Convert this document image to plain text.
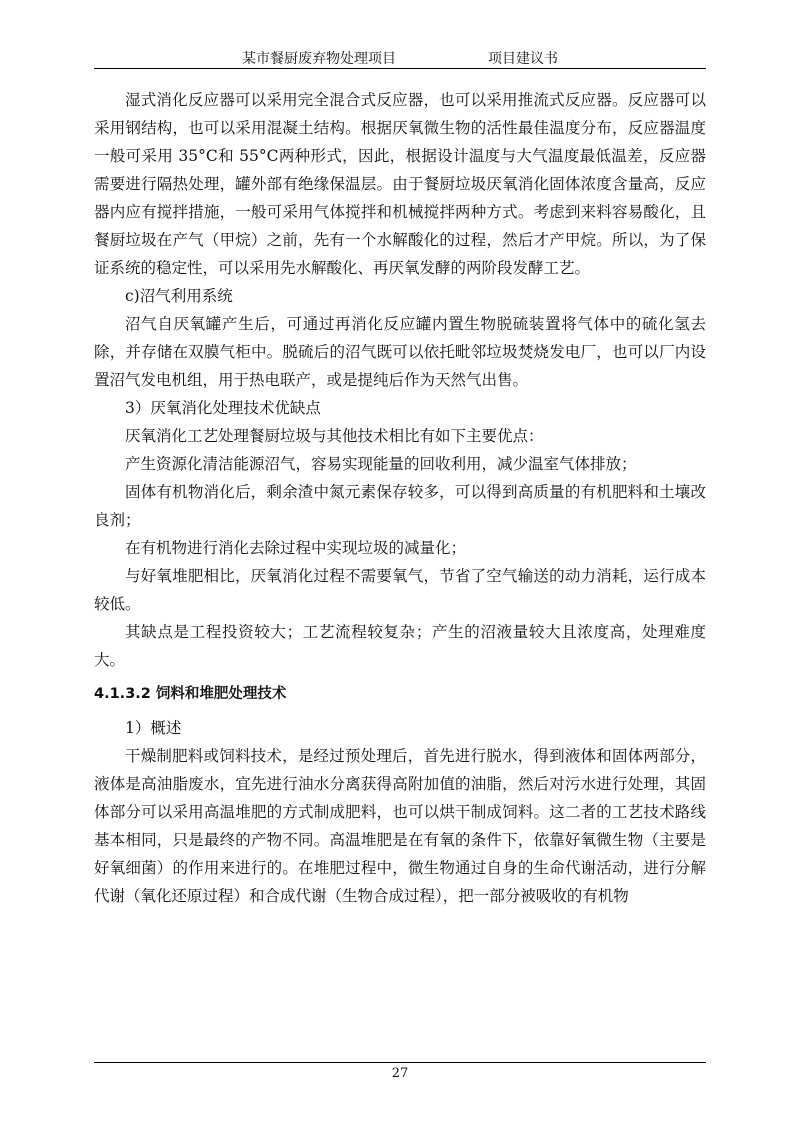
某市餐厨废弃物处理项目	项目建议书

湿式消化反应器可以采用完全混合式反应器，也可以采用推流式反应器。反应器可以采用钢结构，也可以采用混凝土结构。根据厌氧微生物的活性最佳温度分布，反应器温度一般可采用 35°C和 55°C两种形式，因此，根据设计温度与大气温度最低温差，反应器需要进行隔热处理，罐外部有绝缘保温层。由于餐厨垃圾厌氧消化固体浓度含量高，反应器内应有搅拌措施，一般可采用气体搅拌和机械搅拌两种方式。考虑到来料容易酸化，且餐厨垃圾在产气（甲烷）之前，先有一个水解酸化的过程，然后才产甲烷。所以，为了保证系统的稳定性，可以采用先水解酸化、再厌氧发酵的两阶段发酵工艺。

c)沼气利用系统

沼气自厌氧罐产生后，可通过再消化反应罐内置生物脱硫装置将气体中的硫化氢去除，并存储在双膜气柜中。脱硫后的沼气既可以依托毗邻垃圾焚烧发电厂，也可以厂内设置沼气发电机组，用于热电联产，或是提纯后作为天然气出售。

3）厌氧消化处理技术优缺点

厌氧消化工艺处理餐厨垃圾与其他技术相比有如下主要优点：

产生资源化清洁能源沼气，容易实现能量的回收利用，减少温室气体排放；

固体有机物消化后，剩余渣中氮元素保存较多，可以得到高质量的有机肥料和土壤改良剂；

在有机物进行消化去除过程中实现垃圾的减量化；

与好氧堆肥相比，厌氧消化过程不需要氧气，节省了空气输送的动力消耗，运行成本较低。

其缺点是工程投资较大；工艺流程较复杂；产生的沼液量较大且浓度高，处理难度大。

4.1.3.2 饲料和堆肥处理技术

1）概述

干燥制肥料或饲料技术，是经过预处理后，首先进行脱水，得到液体和固体两部分，液体是高油脂废水，宜先进行油水分离获得高附加值的油脂，然后对污水进行处理，其固体部分可以采用高温堆肥的方式制成肥料，也可以烘干制成饲料。这二者的工艺技术路线基本相同，只是最终的产物不同。高温堆肥是在有氧的条件下，依靠好氧微生物（主要是好氧细菌）的作用来进行的。在堆肥过程中，微生物通过自身的生命代谢活动，进行分解代谢（氧化还原过程）和合成代谢（生物合成过程），把一部分被吸收的有机物

27
